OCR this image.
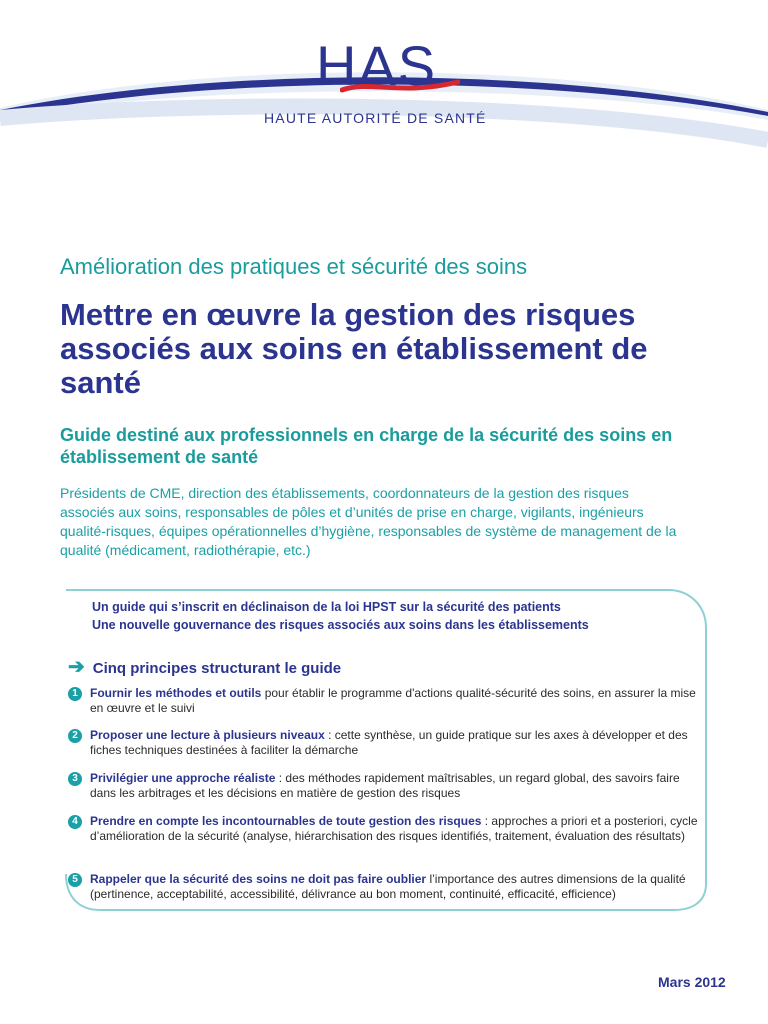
HAS
HAUTE AUTORITÉ DE SANTÉ
Amélioration des pratiques et sécurité des soins
Mettre en œuvre la gestion des risques associés aux soins en établissement de santé
Guide destiné aux professionnels en charge de la sécurité des soins en établissement de santé
Présidents de CME, direction des établissements, coordonnateurs de la gestion des risques associés aux soins, responsables de pôles et d’unités de prise en charge, vigilants, ingénieurs qualité-risques, équipes opérationnelles d’hygiène, responsables de système de management de la qualité (médicament, radiothérapie, etc.)
Un guide qui s’inscrit en déclinaison de la loi HPST sur la sécurité des patients
Une nouvelle gouvernance des risques associés aux soins dans les établissements
➔ Cinq principes structurant le guide
1	Fournir les méthodes et outils pour établir le programme d'actions qualité-sécurité des soins, en assurer la mise en œuvre et le suivi
2	Proposer une lecture à plusieurs niveaux : cette synthèse, un guide pratique sur les axes à développer et des fiches techniques destinées à faciliter la démarche
3	Privilégier une approche réaliste : des méthodes rapidement maîtrisables, un regard global, des savoirs faire dans les arbitrages et les décisions en matière de gestion des risques
4	Prendre en compte les incontournables de toute gestion des risques : approches a priori et a posteriori, cycle d’amélioration de la sécurité (analyse, hiérarchisation des risques identifiés, traitement, évaluation des résultats)
5	Rappeler que la sécurité des soins ne doit pas faire oublier l’importance des autres dimensions de la qualité (pertinence, acceptabilité, accessibilité, délivrance au bon moment, continuité, efficacité, efficience)
Mars 2012
